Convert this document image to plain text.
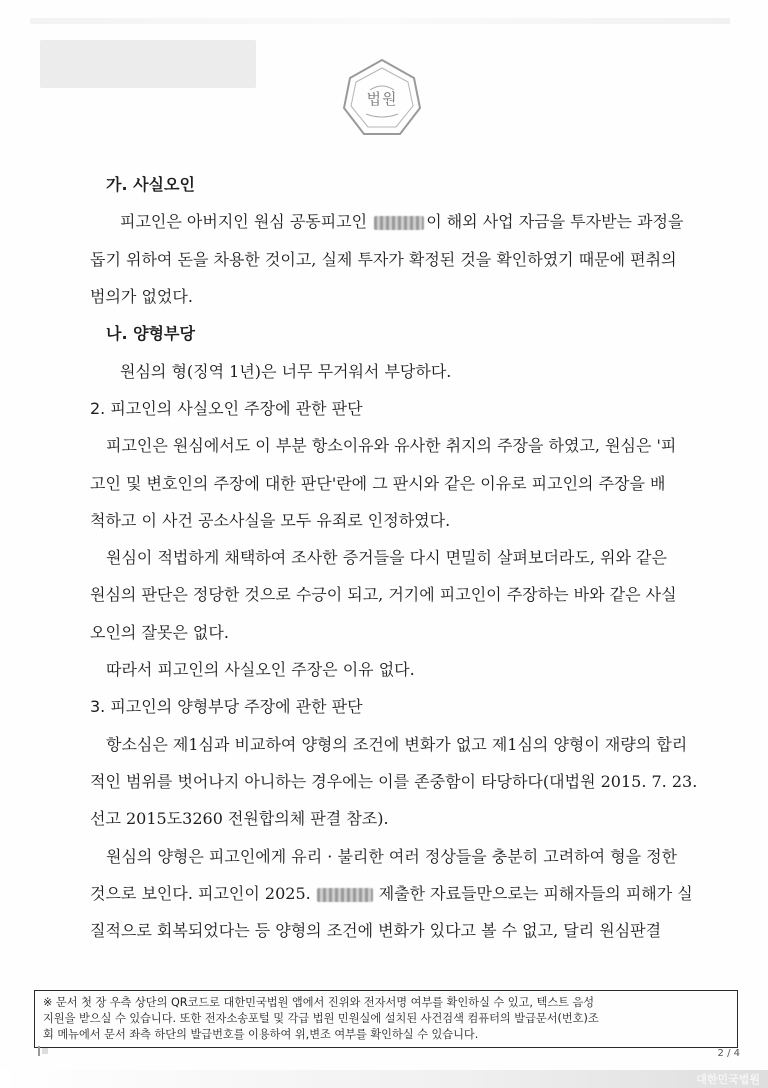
법원
가. 사실오인
피고인은 아버지인 원심 공동피고인	이 해외 사업 자금을 투자받는 과정을
돕기 위하여 돈을 차용한 것이고, 실제 투자가 확정된 것을 확인하였기 때문에 편취의
범의가 없었다.
나. 양형부당
원심의 형(징역 1년)은 너무 무거워서 부당하다.
2. 피고인의 사실오인 주장에 관한 판단
피고인은 원심에서도 이 부분 항소이유와 유사한 취지의 주장을 하였고, 원심은 '피
고인 및 변호인의 주장에 대한 판단'란에 그 판시와 같은 이유로 피고인의 주장을 배
척하고 이 사건 공소사실을 모두 유죄로 인정하였다.
원심이 적법하게 채택하여 조사한 증거들을 다시 면밀히 살펴보더라도, 위와 같은
원심의 판단은 정당한 것으로 수긍이 되고, 거기에 피고인이 주장하는 바와 같은 사실
오인의 잘못은 없다.
따라서 피고인의 사실오인 주장은 이유 없다.
3. 피고인의 양형부당 주장에 관한 판단
항소심은 제1심과 비교하여 양형의 조건에 변화가 없고 제1심의 양형이 재량의 합리
적인 범위를 벗어나지 아니하는 경우에는 이를 존중함이 타당하다(대법원 2015. 7. 23.
선고 2015도3260 전원합의체 판결 참조).
원심의 양형은 피고인에게 유리 · 불리한 여러 정상들을 충분히 고려하여 형을 정한
것으로 보인다. 피고인이 2025.	제출한 자료들만으로는 피해자들의 피해가 실
질적으로 회복되었다는 등 양형의 조건에 변화가 있다고 볼 수 없고, 달리 원심판결
※ 문서 첫 장 우측 상단의 QR코드로 대한민국법원 앱에서 진위와 전자서명 여부를 확인하실 수 있고, 텍스트 음성
지원을 받으실 수 있습니다. 또한 전자소송포털 및 각급 법원 민원실에 설치된 사건검색 컴퓨터의 발급문서(번호)조
회 메뉴에서 문서 좌측 하단의 발급번호를 이용하여 위,변조 여부를 확인하실 수 있습니다.
2 / 4
대한민국법원
